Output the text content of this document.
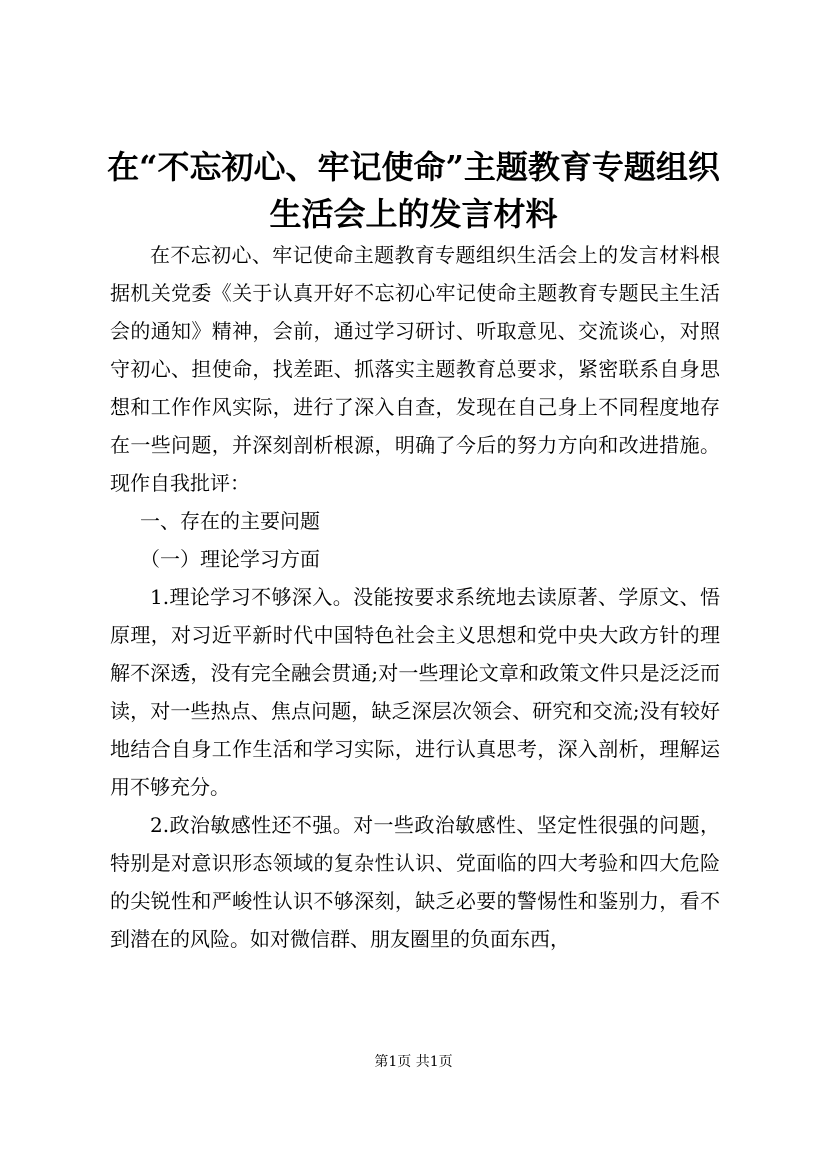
在“不忘初心、牢记使命”主题教育专题组织
生活会上的发言材料

在不忘初心、牢记使命主题教育专题组织生活会上的发言材料根据机关党委《关于认真开好不忘初心牢记使命主题教育专题民主生活会的通知》精神，会前，通过学习研讨、听取意见、交流谈心，对照守初心、担使命，找差距、抓落实主题教育总要求，紧密联系自身思想和工作作风实际，进行了深入自查，发现在自己身上不同程度地存在一些问题，并深刻剖析根源，明确了今后的努力方向和改进措施。现作自我批评：

一、存在的主要问题

（一）理论学习方面

1.理论学习不够深入。没能按要求系统地去读原著、学原文、悟原理，对习近平新时代中国特色社会主义思想和党中央大政方针的理解不深透，没有完全融会贯通;对一些理论文章和政策文件只是泛泛而读，对一些热点、焦点问题，缺乏深层次领会、研究和交流;没有较好地结合自身工作生活和学习实际，进行认真思考，深入剖析，理解运用不够充分。

2.政治敏感性还不强。对一些政治敏感性、坚定性很强的问题，特别是对意识形态领域的复杂性认识、党面临的四大考验和四大危险的尖锐性和严峻性认识不够深刻，缺乏必要的警惕性和鉴别力，看不到潜在的风险。如对微信群、朋友圈里的负面东西，

第1页 共1页
